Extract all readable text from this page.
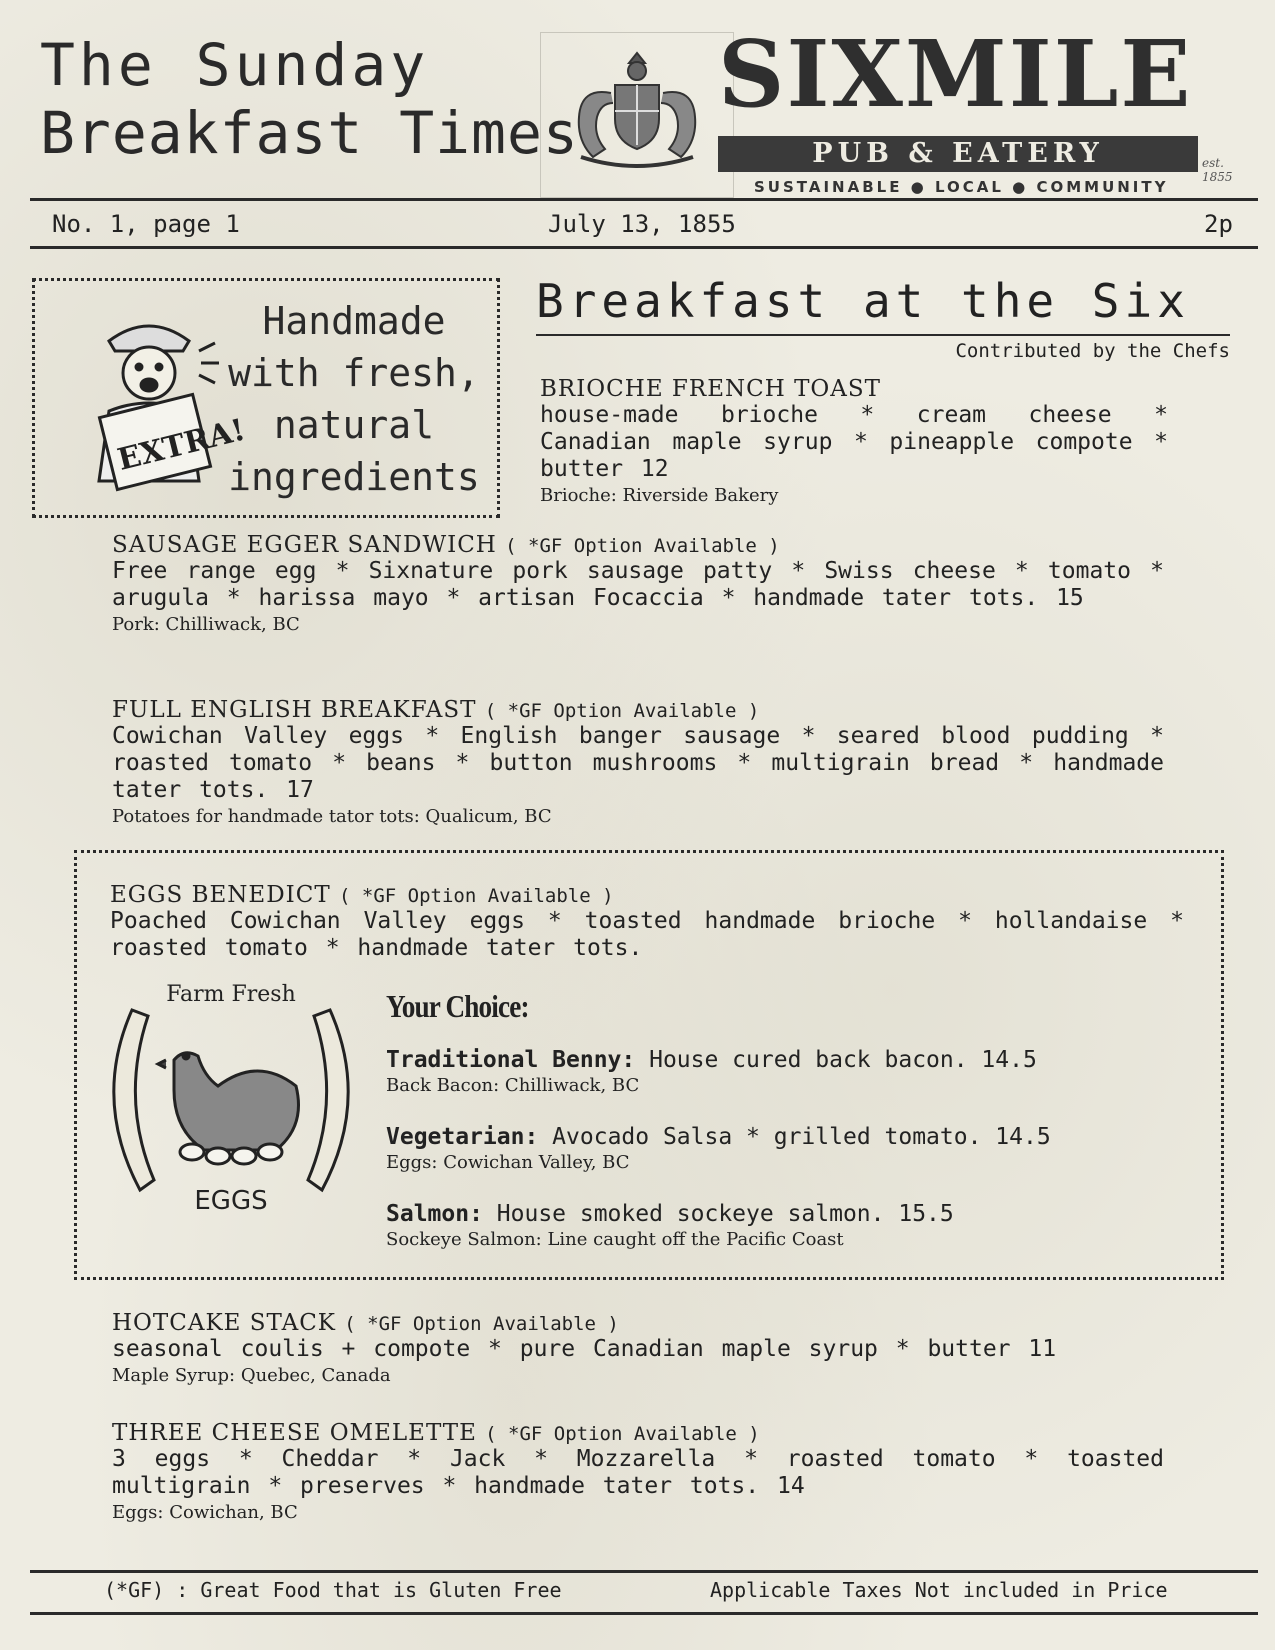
The Sunday
Breakfast Times
SIXMILE
PUB & EATERY	est. 1855
SUSTAINABLE ● LOCAL ● COMMUNITY
No. 1, page 1	July 13, 1855	2p
EXTRA!
Handmade
with fresh,
natural
ingredients
Breakfast at the Six
Contributed by the Chefs
BRIOCHE FRENCH TOAST
house-made brioche * cream cheese * Canadian maple syrup * pineapple compote * butter 12
Brioche: Riverside Bakery
SAUSAGE EGGER SANDWICH ( *GF Option Available )
Free range egg * Sixnature pork sausage patty * Swiss cheese * tomato * arugula * harissa mayo * artisan Focaccia * handmade tater tots. 15
Pork: Chilliwack, BC
FULL ENGLISH BREAKFAST ( *GF Option Available )
Cowichan Valley eggs * English banger sausage * seared blood pudding * roasted tomato * beans * button mushrooms * multigrain bread * handmade tater tots. 17
Potatoes for handmade tator tots: Qualicum, BC
EGGS BENEDICT ( *GF Option Available )
Poached Cowichan Valley eggs * toasted handmade brioche * hollandaise * roasted tomato * handmade tater tots.
Farm Fresh
EGGS
Your Choice:
Traditional Benny: House cured back bacon. 14.5
Back Bacon: Chilliwack, BC
Vegetarian: Avocado Salsa * grilled tomato. 14.5
Eggs: Cowichan Valley, BC
Salmon: House smoked sockeye salmon. 15.5
Sockeye Salmon: Line caught off the Pacific Coast
HOTCAKE STACK ( *GF Option Available )
seasonal coulis + compote * pure Canadian maple syrup * butter 11
Maple Syrup: Quebec, Canada
THREE CHEESE OMELETTE ( *GF Option Available )
3 eggs * Cheddar * Jack * Mozzarella * roasted tomato * toasted multigrain * preserves * handmade tater tots. 14
Eggs: Cowichan, BC
(*GF) : Great Food that is Gluten Free	Applicable Taxes Not included in Price
